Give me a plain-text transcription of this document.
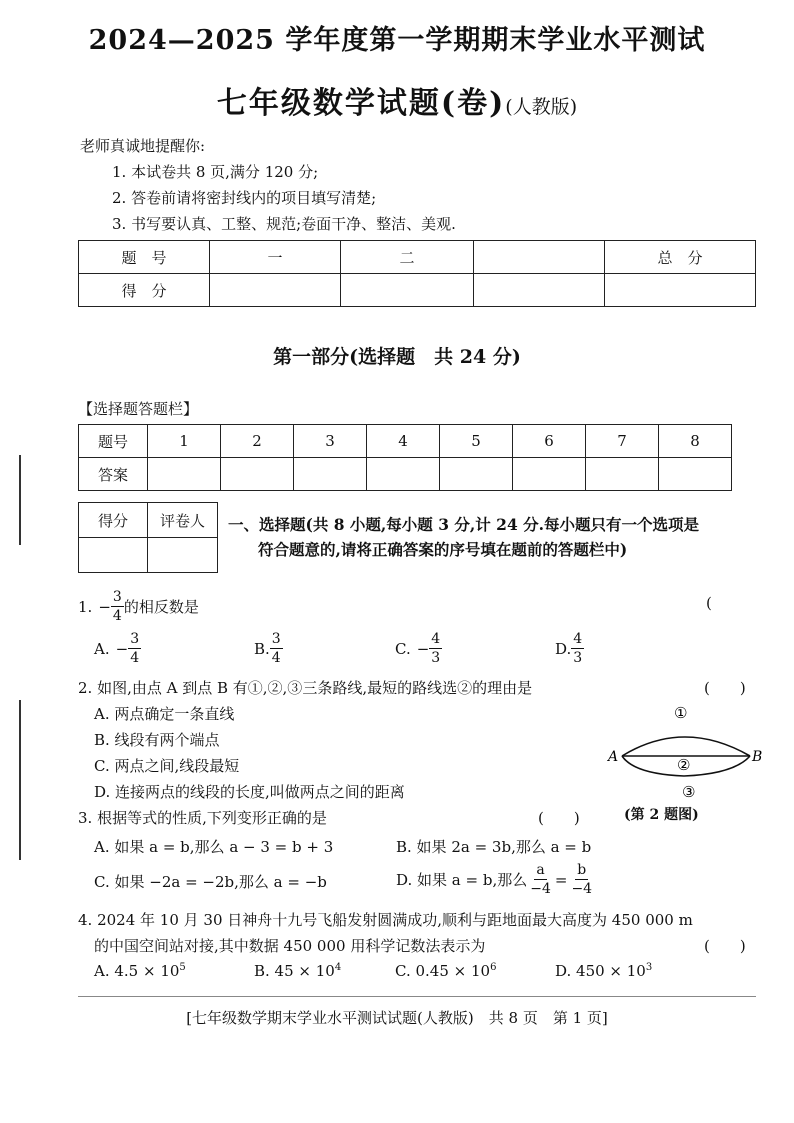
2024—2025 学年度第一学期期末学业水平测试
七年级数学试题(卷)(人教版)
老师真诚地提醒你:
1. 本试卷共 8 页,满分 120 分;
2. 答卷前请将密封线内的项目填写清楚;
3. 书写要认真、工整、规范;卷面干净、整洁、美观.
题　号	一	二		总　分
得　分				
第一部分(选择题　共 24 分)
【选择题答题栏】
题号	1	2	3	4	5	6	7	8
答案								
得分	评卷人
	一、选择题(共 8 小题,每小题 3 分,计 24 分.每小题只有一个选项是
符合题意的,请将正确答案的序号填在题前的答题栏中)
1. − $\frac{3}{4}$ 的相反数是	(
A. − $\frac{3}{4}$	B. $\frac{3}{4}$	C. − $\frac{4}{3}$	D. $\frac{4}{3}$
2. 如图,由点 A 到点 B 有①,②,③三条路线,最短的路线选②的理由是	(　　)
A. 两点确定一条直线
B. 线段有两个端点
C. 两点之间,线段最短
D. 连接两点的线段的长度,叫做两点之间的距离
A	B
①
②
③
(第 2 题图)
3. 根据等式的性质,下列变形正确的是	(　　)
A. 如果 a = b,那么 a − 3 = b + 3	B. 如果 2a = 3b,那么 a = b
C. 如果 −2a = −2b,那么 a = −b	D. 如果 a = b,那么 $\frac{a}{-4} = \frac{b}{-4}$
4. 2024 年 10 月 30 日神舟十九号飞船发射圆满成功,顺利与距地面最大高度为 450 000 m
的中国空间站对接,其中数据 450 000 用科学记数法表示为	(　　)
A. $4.5 \times 10^5$	B. $45 \times 10^4$	C. $0.45 \times 10^6$	D. $450 \times 10^3$
[七年级数学期末学业水平测试试题(人教版)　共 8 页　第 1 页]
